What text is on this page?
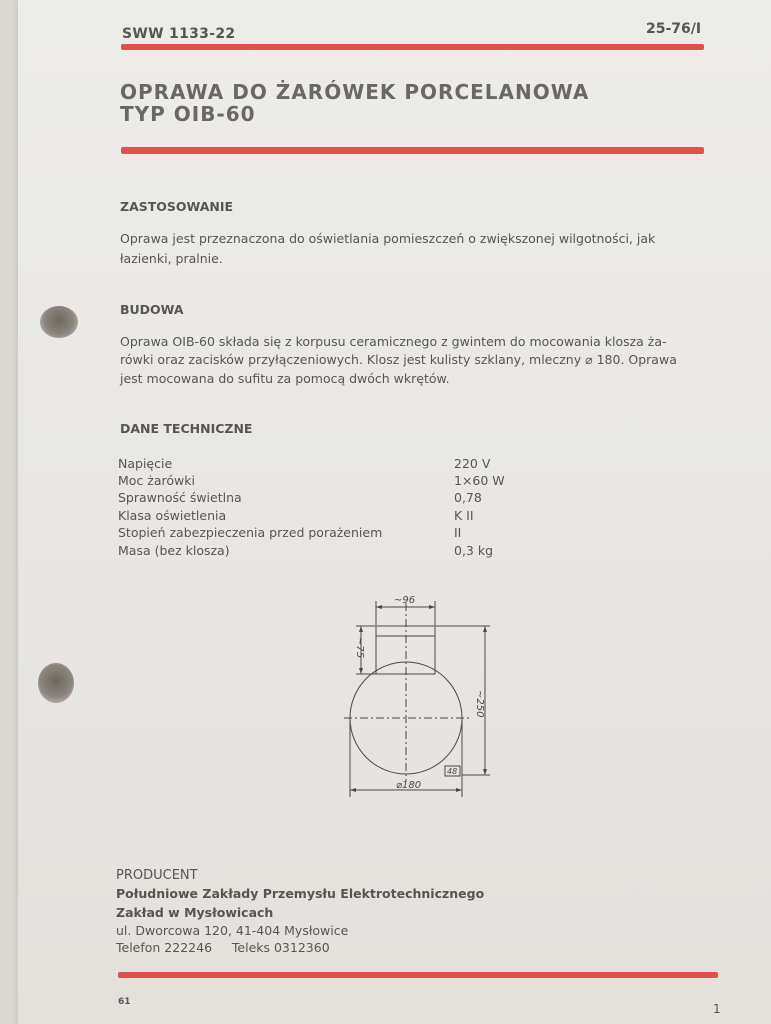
SWW 1133-22	25-76/I
OPRAWA DO ŻARÓWEK PORCELANOWA
TYP OIB-60
ZASTOSOWANIE
Oprawa jest przeznaczona do oświetlania pomieszczeń o zwiększonej wilgotności, jak
łazienki, pralnie.
BUDOWA
Oprawa OIB-60 składa się z korpusu ceramicznego z gwintem do mocowania klosza ża-
rówki oraz zacisków przyłączeniowych. Klosz jest kulisty szklany, mleczny ⌀ 180. Oprawa
jest mocowana do sufitu za pomocą dwóch wkrętów.
DANE TECHNICZNE
Napięcie	220 V
Moc żarówki	1×60 W
Sprawność świetlna	0,78
Klasa oświetlenia	K II
Stopień zabezpieczenia przed porażeniem	II
Masa (bez klosza)	0,3 kg
~96
~75
~250
⌀180
48
PRODUCENT
Południowe Zakłady Przemysłu Elektrotechnicznego
Zakład w Mysłowicach
ul. Dworcowa 120, 41-404 Mysłowice
Telefon 222246     Teleks 0312360
61	1
